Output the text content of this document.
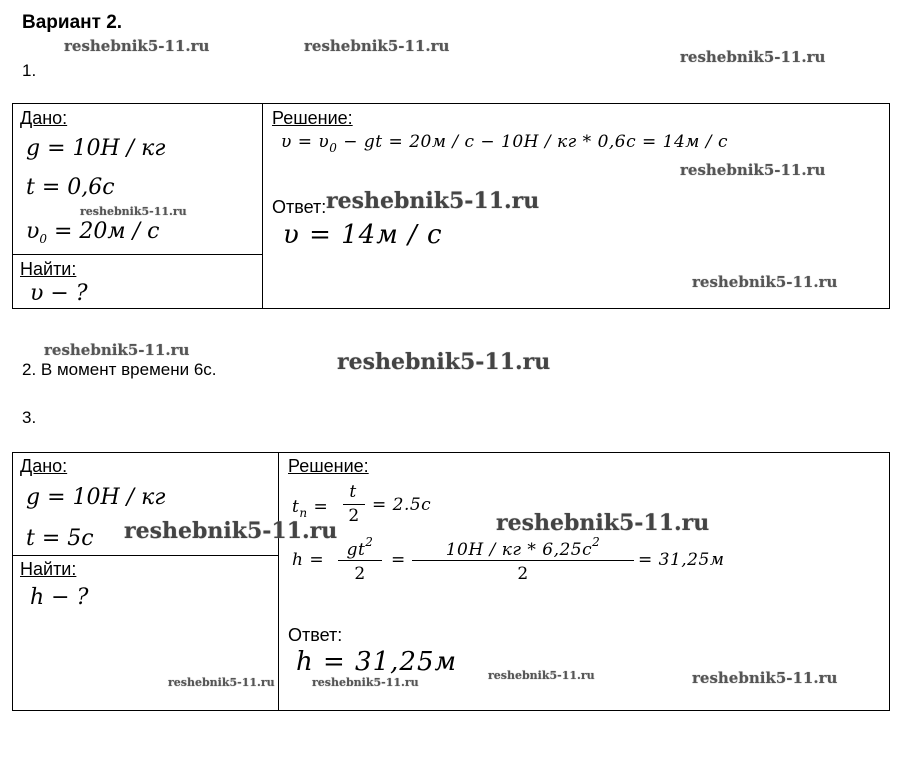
Вариант 2.
1.
Дано:
g = 10Н / кг
t = 0,6с
$\upsilon_0 = 20м / с$
Найти:
υ − ?
Решение:
$\upsilon = \upsilon_0$ − gt = 20м / с − 10Н / кг * 0,6с = 14м / с
Ответ:
υ = 14м / с
2. В момент времени 6с.
3.
Дано:
g = 10Н / кг
t = 5с
Найти:
h − ?
Решение:
$t_n$ =
t
2
= 2.5с
h =	$gt^2$
2
=	10Н / кг * $6,25с^2$
2
= 31,25м
Ответ:
h = 31,25м
reshebnik5-11.ru	reshebnik5-11.ru
reshebnik5-11.ru
reshebnik5-11.ru
reshebnik5-11.ru	reshebnik5-11.ru
reshebnik5-11.ru
reshebnik5-11.ru	reshebnik5-11.ru
reshebnik5-11.ru	reshebnik5-11.ru
reshebnik5-11.ru	reshebnik5-11.ru
reshebnik5-11.ru	reshebnik5-11.ru
